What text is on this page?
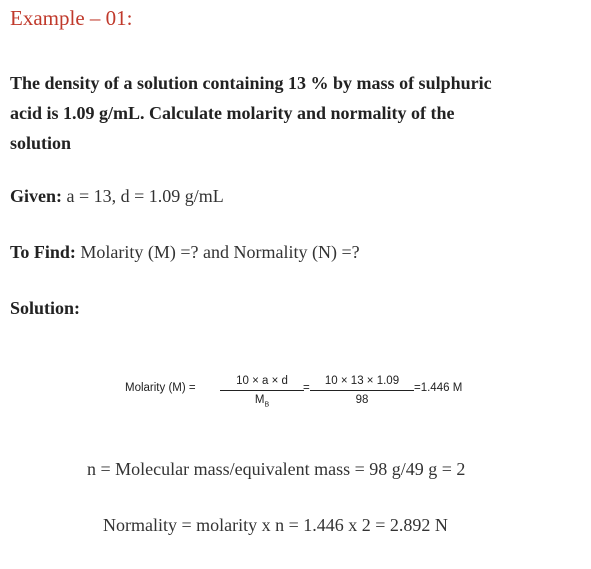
Example – 01:
The density of a solution containing 13 % by mass of sulphuric
acid is 1.09 g/mL. Calculate molarity and normality of the
solution
Given: a = 13, d = 1.09 g/mL
To Find: Molarity (M) =? and Normality (N) =?
Solution:
Molarity (M) =
10 × a × d
$M_B$
=
10 × 13 × 1.09
98
=1.446 M
n = Molecular mass/equivalent mass = 98 g/49 g = 2
Normality = molarity x n = 1.446 x 2 = 2.892 N
